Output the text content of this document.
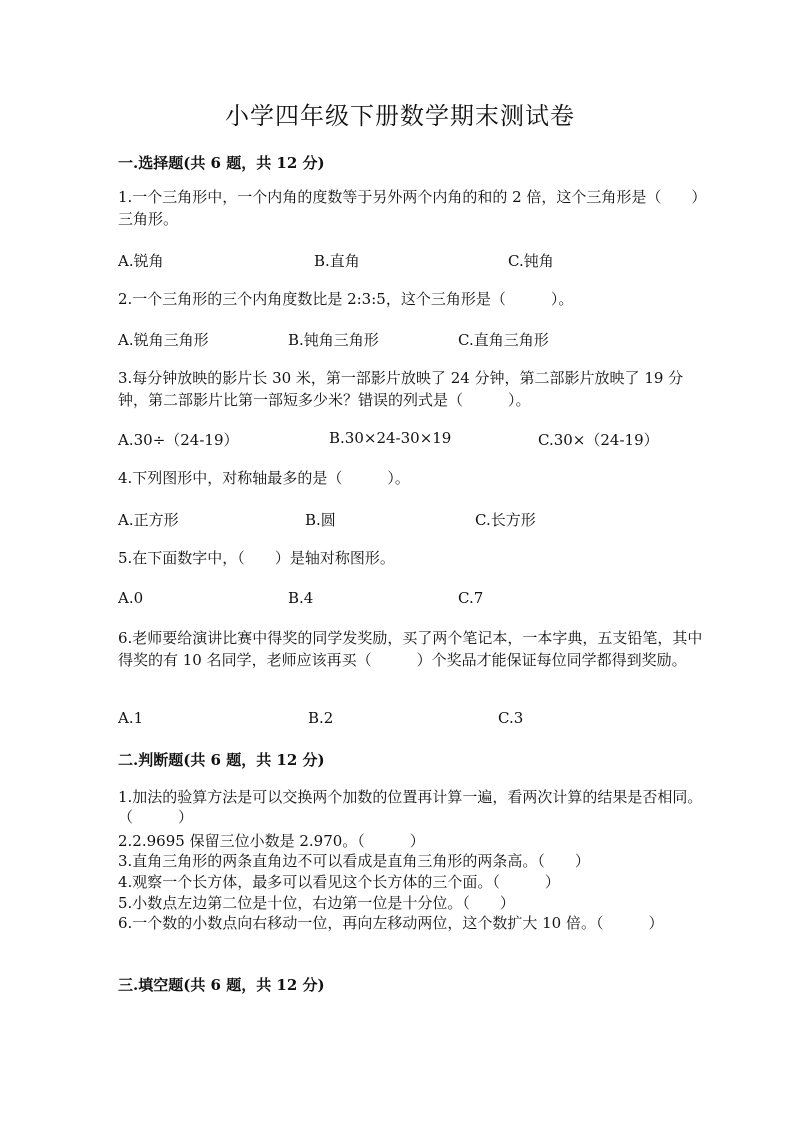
小学四年级下册数学期末测试卷
一.选择题(共 6 题，共 12 分)
1.一个三角形中，一个内角的度数等于另外两个内角的和的 2 倍，这个三角形是（　　）三角形。
A.锐角	B.直角	C.钝角
2.一个三角形的三个内角度数比是 2:3:5，这个三角形是（　　　）。
A.锐角三角形	B.钝角三角形	C.直角三角形
3.每分钟放映的影片长 30 米，第一部影片放映了 24 分钟，第二部影片放映了 19 分钟，第二部影片比第一部短多少米？错误的列式是（　　　）。
A.30÷（24-19）	B.30×24-30×19	C.30×（24-19）
4.下列图形中，对称轴最多的是（　　　）。
A.正方形	B.圆	C.长方形
5.在下面数字中，（　　）是轴对称图形。
A.0	B.4	C.7
6.老师要给演讲比赛中得奖的同学发奖励，买了两个笔记本，一本字典，五支铅笔，其中得奖的有 10 名同学，老师应该再买（　　　）个奖品才能保证每位同学都得到奖励。
A.1	B.2	C.3
二.判断题(共 6 题，共 12 分)
1.加法的验算方法是可以交换两个加数的位置再计算一遍，看两次计算的结果是否相同。（　　　）
2.2.9695 保留三位小数是 2.970。（　　　）
3.直角三角形的两条直角边不可以看成是直角三角形的两条高。（　　）
4.观察一个长方体，最多可以看见这个长方体的三个面。（　　　）
5.小数点左边第二位是十位，右边第一位是十分位。（　　）
6.一个数的小数点向右移动一位，再向左移动两位，这个数扩大 10 倍。（　　　）
三.填空题(共 6 题，共 12 分)
